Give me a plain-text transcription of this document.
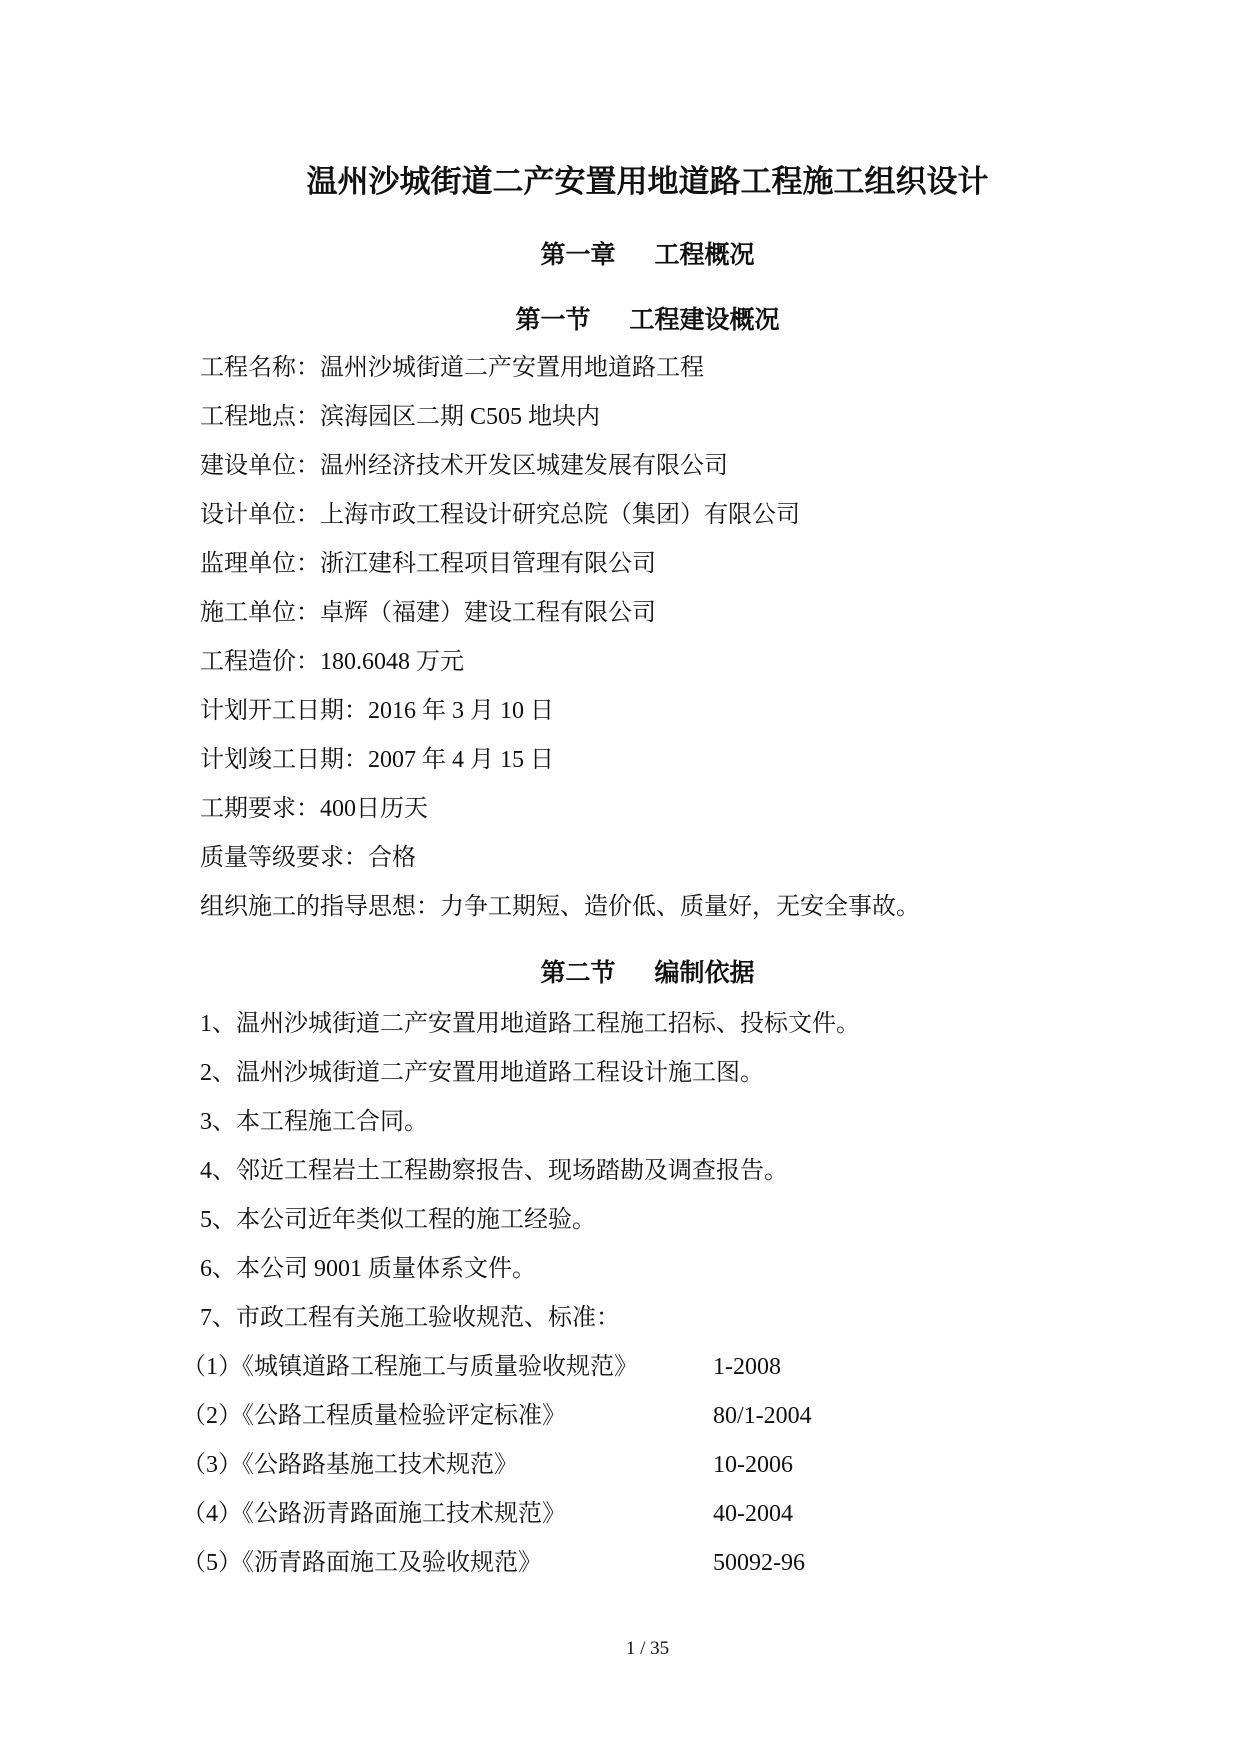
温州沙城街道二产安置用地道路工程施工组织设计
第一章 工程概况
第一节 工程建设概况
工程名称：温州沙城街道二产安置用地道路工程
工程地点：滨海园区二期 C505 地块内
建设单位：温州经济技术开发区城建发展有限公司
设计单位：上海市政工程设计研究总院（集团）有限公司
监理单位：浙江建科工程项目管理有限公司
施工单位：卓辉（福建）建设工程有限公司
工程造价：180.6048 万元
计划开工日期：2016 年 3 月 10 日
计划竣工日期：2007 年 4 月 15 日
工期要求：400日历天
质量等级要求：合格
组织施工的指导思想：力争工期短、造价低、质量好，无安全事故。
第二节 编制依据
1、温州沙城街道二产安置用地道路工程施工招标、投标文件。
2、温州沙城街道二产安置用地道路工程设计施工图。
3、本工程施工合同。
4、邻近工程岩土工程勘察报告、现场踏勘及调查报告。
5、本公司近年类似工程的施工经验。
6、本公司 9001 质量体系文件。
7、市政工程有关施工验收规范、标准：
（1）《城镇道路工程施工与质量验收规范》	1-2008
（2）《公路工程质量检验评定标准》	80/1-2004
（3）《公路路基施工技术规范》	10-2006
（4）《公路沥青路面施工技术规范》	40-2004
（5）《沥青路面施工及验收规范》	50092-96
1 / 35
